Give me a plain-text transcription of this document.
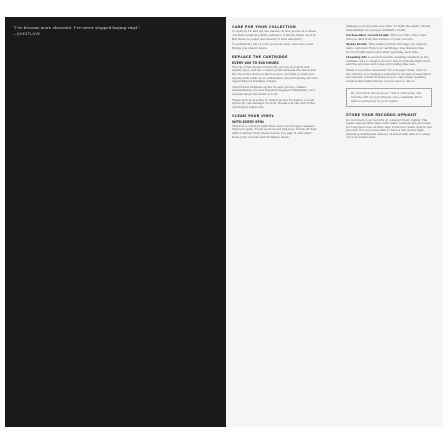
“I’ve become more obsessed. I’ve never stopped buying vinyl.”

—QUESTLOVE

CARE FOR YOUR COLLECTION

To spin an LP and set the needle on the groove is a ritual, one that rewards a little patience. A simple thing, as it is. But there is power and beauty in that simplicity.

To extend the life of your precious vinyl, here are a few things you should know.

REPLACE THE CARTRIDGE
EVERY 400 TO 500 HOURS

The tip of the stylus follows the groove at a slow and steady pace, but the contact point between the track and the tip of the stylus is microscopic, and that pounds-per-square-inch adds up to somewhere around twenty-six tons depending on tracking weight.

The friction between stylus tip and groove creates temperatures of a few hundred degrees Fahrenheit—hot enough when the music is loud.

These factors are fine to revisit as the tip wears; a worn stylus tip can damage records. Replace at the end of the cartridge’s stated life.

CLEAN YOUR VINYL
WITH EVERY SPIN

There is a common myth that every record gets cleaned before it spins. Treat each record like new: brush off dust with a carbon fiber brush before you play it, and after. Keep your records and turntable clean.

damage your records over time. To fight the static, invest immediately in a proper antistatic brush.

Carbon-fiber record brush: This tool will collect and remove dust from the surface of your records.

Stylus brush: This smaller brush will help you remove static and dust from your cartridge. Use this and the record brush before and after spinning each side.

Cleaning kit: A record vacuum cleaning machine is the ultimate way to clean a record. Use it with the right fluid and the grooves will come out looking like new.

When it becomes necessary for a deeper clean, refer to the Library of Congress’s website for proper preservation procedures, which includes how to use a safe cleaning solution and instructions on how best to use it.

Do not touch the grooves. This is where the oils and the dirt on your fingers can constantly stick and be picked up by your stylus.

STORE YOUR RECORDS UPRIGHT

Do not stack your records or compact them tightly. The paper sleeves that came with many releases are not ideal for long-term use, as they may scratch or leave dust in the grooves. It’s not a bad idea to have a few dozen high-density polyethylene sleeves on hand with which to swap out your paper ones.
